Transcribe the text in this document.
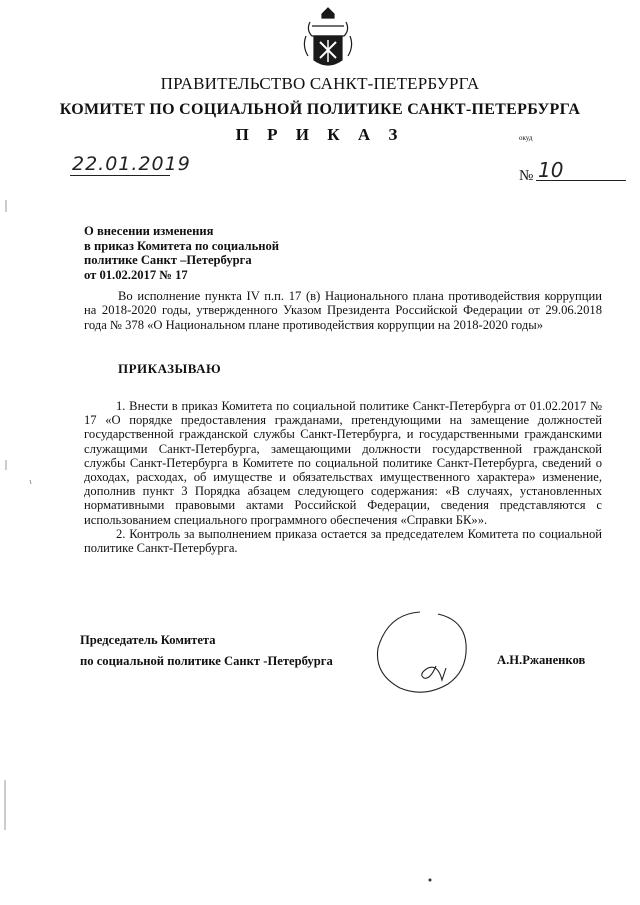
ПРАВИТЕЛЬСТВО САНКТ-ПЕТЕРБУРГА
КОМИТЕТ ПО СОЦИАЛЬНОЙ ПОЛИТИКЕ САНКТ-ПЕТЕРБУРГА
П Р И К А З	окуд
22.01.2019
№ 10
О внесении изменения
в приказ Комитета по социальной
политике Санкт –Петербурга
от 01.02.2017 № 17
Во исполнение пункта IV п.п. 17 (в) Национального плана противодействия коррупции на 2018-2020 годы, утвержденного Указом Президента Российской Федерации от 29.06.2018 года № 378 «О Национальном плане противодействия коррупции на 2018-2020 годы»
ПРИКАЗЫВАЮ

1. Внести в приказ Комитета по социальной политике Санкт-Петербурга от 01.02.2017 № 17 «О порядке предоставления гражданами, претендующими на замещение должностей государственной гражданской службы Санкт-Петербурга, и государственными гражданскими служащими Санкт-Петербурга, замещающими должности государственной гражданской службы Санкт-Петербурга в Комитете по социальной политике Санкт-Петербурга, сведений о доходах, расходах, об имуществе и обязательствах имущественного характера» изменение, дополнив пункт 3 Порядка абзацем следующего содержания: «В случаях, установленных нормативными правовыми актами Российской Федерации, сведения представляются с использованием специального программного обеспечения «Справки БК»».

2. Контроль за выполнением приказа остается за председателем Комитета по социальной политике Санкт-Петербурга.

Председатель Комитета
по социальной политике Санкт -Петербурга	А.Н.Ржаненков
